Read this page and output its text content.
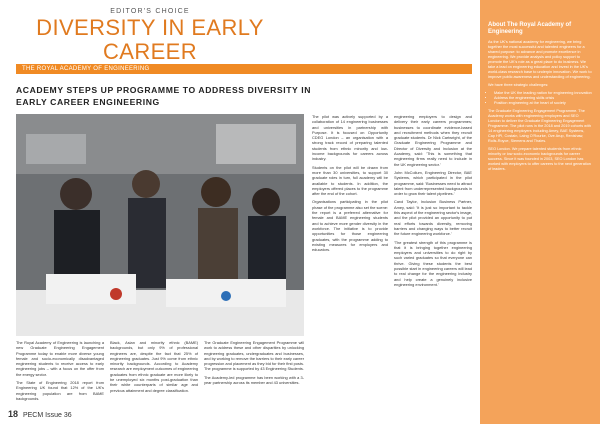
EDITOR'S CHOICE
DIVERSITY IN EARLY CAREER
THE ROYAL ACADEMY OF ENGINEERING
ACADEMY STEPS UP PROGRAMME TO ADDRESS DIVERSITY IN EARLY CAREER ENGINEERING

The Royal Academy of Engineering is launching a new Graduate Engineering Engagement Programme today to enable more diverse young female and socio-economically disadvantaged engineering students to receive access to early engineering jobs – with a focus on the offer from the energy sector.

The State of Engineering 2018 report from Engineering UK found that 12% of the UK's engineering population are from BAME backgrounds.

Black, Asian and minority ethnic (BAME) backgrounds, but only 9% of professional engineers are, despite the fact that 25% of engineering graduates. Just 9% come from ethnic minority backgrounds. According to Academy research are employment outcomes of engineering graduates from ethnic graduate are more likely to be unemployed six months post-graduation than their white counterparts of similar age and previous attainment and degree classification.

The Graduate Engineering Engagement Programme will work to address these and other disparities by unlocking engineering graduates, undergraduates and businesses, and by working to remove the barriers to their early career progression and placement as they bid for their first posts. The programme is supported by 43 Engineering Students.

The Academy-led programme has been working with a 3-year partnership across its member and 43 universities.

The pilot was actively supported by a collaboration of 14 engineering businesses and universities in partnership with Purpose. It is focused on Opportunity CDEG London – an organisation with a strong track record of preparing talented students from ethnic minority and low-income backgrounds for careers across industry.

Students on the pilot will be drawn from more than 30 universities, to support 30 graduate roles in turn, full academy will be available to students. In addition, the employers offered places to the programme after the end of the cohort.

Organisations participating in the pilot phase of the programme also set the scene: the report is a preferred alternative for female and BAME engineering students and to achieve more gender diversity in the workforce. The initiative is to provide opportunities for those engineering graduates, with the programme adding to existing measures for employers and educators.

engineering employers to design and delivery their early careers programmes; businesses to coordinate evidence-based and recruitment methods when they recruit graduate students. Dr Nick Cartwright, of the Graduate Engineering Programme and Director of Diversity and Inclusion at the Academy, said: 'This is something that engineering firms really need to include in the UK engineering sector.'

John McCollum, Engineering Director, BAE Systems, which participated in the pilot programme, said: 'Businesses need to attract talent from underrepresented backgrounds in order to grow their talent pipelines.'

Carol Taylor, Inclusion Business Partner, Amey, said: 'It is just so important to tackle this aspect of the engineering sector's image, and the pilot provided an opportunity to put real efforts towards diversity, removing barriers and changing ways to better recruit the future engineering workforce.'

'The greatest strength of this programme is that it is bringing together engineering employers and universities to do right by such varied graduates so that everyone can thrive. Giving these students the best possible start in engineering careers will lead to real change for the engineering industry and help create a genuinely inclusive engineering environment.'

About The Royal Academy of Engineering

As the UK's national academy for engineering, we bring together the most successful and talented engineers for a shared purpose: to advance and promote excellence in engineering. We provide analysis and policy support to promote the UK's role as a great place to do business. We take a lead on engineering education and invest in the UK's world-class research base to underpin innovation. We work to improve public awareness and understanding of engineering.

We have three strategic challenges:

• Make the UK the leading nation for engineering innovation
• Address the engineering skills crisis
• Position engineering at the heart of society

The Graduate Engineering Engagement Programme. The Academy works with engineering employers and SEO London to deliver the Graduate Engineering Engagement Programme. The pilot runs in the 2018 and 2019 cohorts with 14 engineering employers including Amey, BAE Systems, Cap HPI, Costain, Laing O'Rourke, Ove Arup, Renishaw, Rolls-Royce, Siemens and Thales.

SEO London. We prepare talented students from ethnic minority or low socio-economic backgrounds for career success. Since it was founded in 2003, SEO London has worked with employers to offer careers to the next generation of leaders.

18 PECM Issue 36
